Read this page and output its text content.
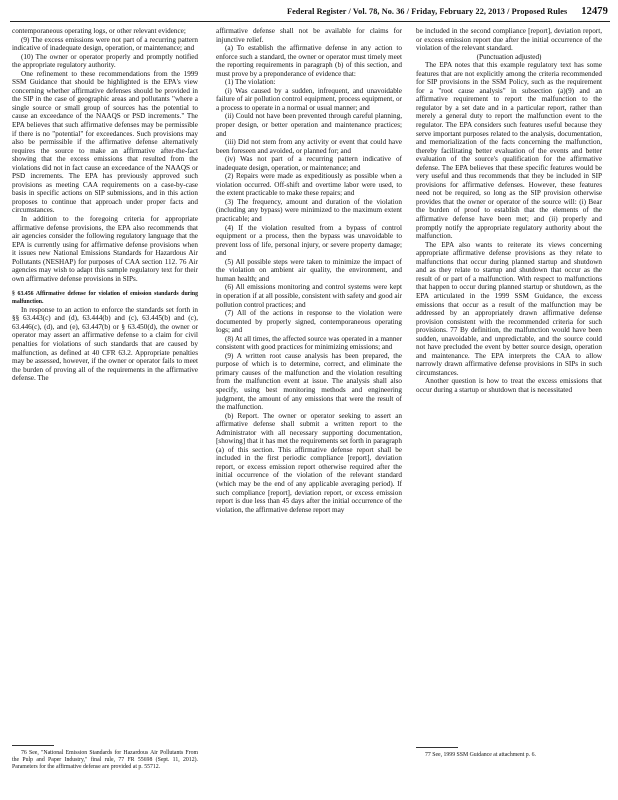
Federal Register / Vol. 78, No. 36 / Friday, February 22, 2013 / Proposed Rules 12479

contemporaneous operating logs, or other relevant evidence;

(9) The excess emissions were not part of a recurring pattern indicative of inadequate design, operation, or maintenance; and

(10) The owner or operator properly and promptly notified the appropriate regulatory authority.

One refinement to these recommendations from the 1999 SSM Guidance that should be highlighted is the EPA's view concerning whether affirmative defenses should be provided in the SIP in the case of geographic areas and pollutants "where a single source or small group of sources has the potential to cause an exceedance of the NAAQS or PSD increments." The EPA believes that such affirmative defenses may be permissible if there is no "potential" for exceedances. Such provisions may also be permissible if the affirmative defense alternatively requires the source to make an affirmative after-the-fact showing that the excess emissions that resulted from the violations did not in fact cause an exceedance of the NAAQS or PSD increments. The EPA has previously approved such provisions as meeting CAA requirements on a case-by-case basis in specific actions on SIP submissions, and in this action proposes to continue that approach under proper facts and circumstances.

In addition to the foregoing criteria for appropriate affirmative defense provisions, the EPA also recommends that air agencies consider the following regulatory language that the EPA is currently using for affirmative defense provisions when it issues new National Emissions Standards for Hazardous Air Pollutants (NESHAP) for purposes of CAA section 112. 76 Air agencies may wish to adapt this sample regulatory text for their own affirmative defense provisions in SIPs.

§ 63.456 Affirmative defense for violation of emission standards during malfunction.

In response to an action to enforce the standards set forth in §§ 63.443(c) and (d), 63.444(b) and (c), 63.445(b) and (c), 63.446(c), (d), and (e), 63.447(b) or § 63.450(d), the owner or operator may assert an affirmative defense to a claim for civil penalties for violations of such standards that are caused by malfunction, as defined at 40 CFR 63.2. Appropriate penalties may be assessed, however, if the owner or operator fails to meet the burden of proving all of the requirements in the affirmative defense. The

76 See, "National Emission Standards for Hazardous Air Pollutants From the Pulp and Paper Industry," final rule, 77 FR 55698 (Sept. 11, 2012). Parameters for the affirmative defense are provided at p. 55712.

affirmative defense shall not be available for claims for injunctive relief.

(a) To establish the affirmative defense in any action to enforce such a standard, the owner or operator must timely meet the reporting requirements in paragraph (b) of this section, and must prove by a preponderance of evidence that:

(1) The violation:

(i) Was caused by a sudden, infrequent, and unavoidable failure of air pollution control equipment, process equipment, or a process to operate in a normal or usual manner; and

(ii) Could not have been prevented through careful planning, proper design, or better operation and maintenance practices; and

(iii) Did not stem from any activity or event that could have been foreseen and avoided, or planned for; and

(iv) Was not part of a recurring pattern indicative of inadequate design, operation, or maintenance; and

(2) Repairs were made as expeditiously as possible when a violation occurred. Off-shift and overtime labor were used, to the extent practicable to make these repairs; and

(3) The frequency, amount and duration of the violation (including any bypass) were minimized to the maximum extent practicable; and

(4) If the violation resulted from a bypass of control equipment or a process, then the bypass was unavoidable to prevent loss of life, personal injury, or severe property damage; and

(5) All possible steps were taken to minimize the impact of the violation on ambient air quality, the environment, and human health; and

(6) All emissions monitoring and control systems were kept in operation if at all possible, consistent with safety and good air pollution control practices; and

(7) All of the actions in response to the violation were documented by properly signed, contemporaneous operating logs; and

(8) At all times, the affected source was operated in a manner consistent with good practices for minimizing emissions; and

(9) A written root cause analysis has been prepared, the purpose of which is to determine, correct, and eliminate the primary causes of the malfunction and the violation resulting from the malfunction event at issue. The analysis shall also specify, using best monitoring methods and engineering judgment, the amount of any emissions that were the result of the malfunction.

(b) Report. The owner or operator seeking to assert an affirmative defense shall submit a written report to the Administrator with all necessary supporting documentation, [showing] that it has met the requirements set forth in paragraph (a) of this section. This affirmative defense report shall be included in the first periodic compliance [report], deviation report, or excess emission report otherwise required after the initial occurrence of the violation of the relevant standard (which may be the end of any applicable averaging period). If such compliance [report], deviation report, or excess emission report is due less than 45 days after the initial occurrence of the violation, the affirmative defense report may

be included in the second compliance [report], deviation report, or excess emission report due after the initial occurrence of the violation of the relevant standard.

(Punctuation adjusted)

The EPA notes that this example regulatory text has some features that are not explicitly among the criteria recommended for SIP provisions in the SSM Policy, such as the requirement for a "root cause analysis" in subsection (a)(9) and an affirmative requirement to report the malfunction to the regulator by a set date and in a particular report, rather than merely a general duty to report the malfunction event to the regulator. The EPA considers such features useful because they serve important purposes related to the analysis, documentation, and memorialization of the facts concerning the malfunction, thereby facilitating better evaluation of the events and better evaluation of the source's qualification for the affirmative defense. The EPA believes that these specific features would be very useful and thus recommends that they be included in SIP provisions for affirmative defenses. However, these features need not be required, so long as the SIP provision otherwise provides that the owner or operator of the source will: (i) Bear the burden of proof to establish that the elements of the affirmative defense have been met; and (ii) properly and promptly notify the appropriate regulatory authority about the malfunction.

The EPA also wants to reiterate its views concerning appropriate affirmative defense provisions as they relate to malfunctions that occur during planned startup and shutdown and as they relate to startup and shutdown that occur as the result of or part of a malfunction. With respect to malfunctions that happen to occur during planned startup or shutdown, as the EPA articulated in the 1999 SSM Guidance, the excess emissions that occur as a result of the malfunction may be addressed by an appropriately drawn affirmative defense provision consistent with the recommended criteria for such provisions. 77 By definition, the malfunction would have been sudden, unavoidable, and unpredictable, and the source could not have precluded the event by better source design, operation and maintenance. The EPA interprets the CAA to allow narrowly drawn affirmative defense provisions in SIPs in such circumstances.

Another question is how to treat the excess emissions that occur during a startup or shutdown that is necessitated

77 See, 1999 SSM Guidance at attachment p. 6.
